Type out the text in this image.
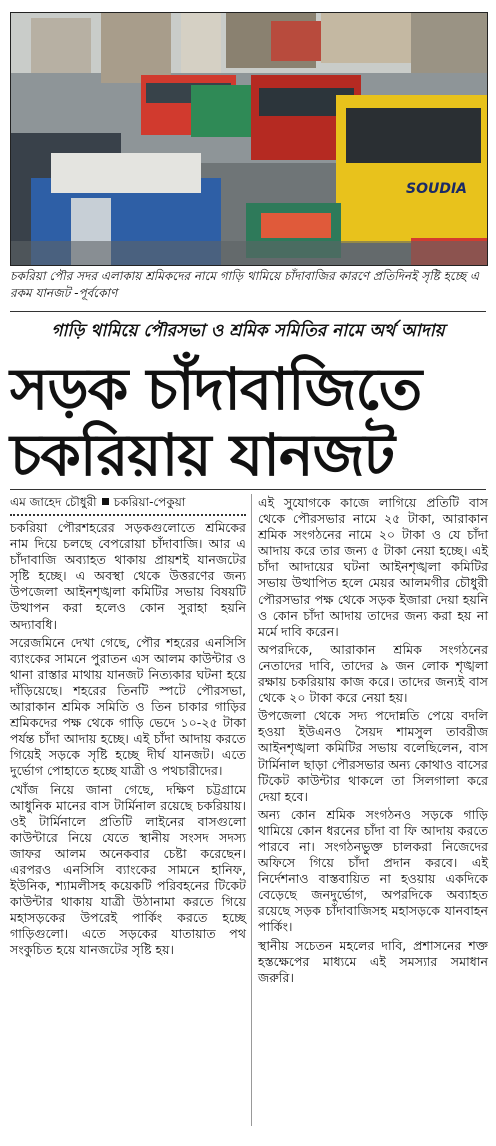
SOUDIA
চকরিয়া পৌর সদর এলাকায় শ্রমিকদের নামে গাড়ি থামিয়ে চাঁদাবাজির কারণে প্রতিদিনই সৃষ্টি হচ্ছে এ রকম যানজট -পূর্বকোণ
গাড়ি থামিয়ে পৌরসভা ও শ্রমিক সমিতির নামে অর্থ আদায়
সড়ক চাঁদাবাজিতে
চকরিয়ায় যানজট
এম জাহেদ চৌধুরী চকরিয়া-পেকুয়া

চকরিয়া পৌরশহরের সড়কগুলোতে শ্রমিকের নাম দিয়ে চলছে বেপরোয়া চাঁদাবাজি। আর এ চাঁদাবাজি অব্যাহত থাকায় প্রায়শই যানজটের সৃষ্টি হচ্ছে। এ অবস্থা থেকে উত্তরণের জন্য উপজেলা আইনশৃঙ্খলা কমিটির সভায় বিষয়টি উত্থাপন করা হলেও কোন সুরাহা হয়নি অদ্যাবধি।

সরেজমিনে দেখা গেছে, পৌর শহরের এনসিসি ব্যাংকের সামনে পুরাতন এস আলম কাউন্টার ও থানা রাস্তার মাথায় যানজট নিত্যকার ঘটনা হয়ে দাঁড়িয়েছে। শহরের তিনটি স্পটে পৌরসভা, আরাকান শ্রমিক সমিতি ও তিন চাকার গাড়ির শ্রমিকদের পক্ষ থেকে গাড়ি ভেদে ১০-২৫ টাকা পর্যন্ত চাঁদা আদায় হচ্ছে। এই চাঁদা আদায় করতে গিয়েই সড়কে সৃষ্টি হচ্ছে দীর্ঘ যানজট। এতে দুর্ভোগ পোহাতে হচ্ছে যাত্রী ও পথচারীদের।

খোঁজ নিয়ে জানা গেছে, দক্ষিণ চট্টগ্রামে আধুনিক মানের বাস টার্মিনাল রয়েছে চকরিয়ায়। ওই টার্মিনালে প্রতিটি লাইনের বাসগুলো কাউন্টারে নিয়ে যেতে স্থানীয় সংসদ সদস্য জাফর আলম অনেকবার চেষ্টা করেছেন। এরপরও এনসিসি ব্যাংকের সামনে হানিফ, ইউনিক, শ্যামলীসহ কয়েকটি পরিবহনের টিকেট কাউন্টার থাকায় যাত্রী উঠানামা করতে গিয়ে মহাসড়কের উপরেই পার্কিং করতে হচ্ছে গাড়িগুলো। এতে সড়কের যাতায়াত পথ সংকুচিত হয়ে যানজটের সৃষ্টি হয়।

এই সুযোগকে কাজে লাগিয়ে প্রতিটি বাস থেকে পৌরসভার নামে ২৫ টাকা, আরাকান শ্রমিক সংগঠনের নামে ২০ টাকা ও যে চাঁদা আদায় করে তার জন্য ৫ টাকা নেয়া হচ্ছে। এই চাঁদা আদায়ের ঘটনা আইনশৃঙ্খলা কমিটির সভায় উত্থাপিত হলে মেয়র আলমগীর চৌধুরী পৌরসভার পক্ষ থেকে সড়ক ইজারা দেয়া হয়নি ও কোন চাঁদা আদায় তাদের জন্য করা হয় না মর্মে দাবি করেন।

অপরদিকে, আরাকান শ্রমিক সংগঠনের নেতাদের দাবি, তাদের ৯ জন লোক শৃঙ্খলা রক্ষায় চকরিয়ায় কাজ করে। তাদের জন্যই বাস থেকে ২০ টাকা করে নেয়া হয়।

উপজেলা থেকে সদ্য পদোন্নতি পেয়ে বদলি হওয়া ইউএনও সৈয়দ শামসুল তাবরীজ আইনশৃঙ্খলা কমিটির সভায় বলেছিলেন, বাস টার্মিনাল ছাড়া পৌরসভার অন্য কোথাও বাসের টিকেট কাউন্টার থাকলে তা সিলগালা করে দেয়া হবে।

অন্য কোন শ্রমিক সংগঠনও সড়কে গাড়ি থামিয়ে কোন ধরনের চাঁদা বা ফি আদায় করতে পারবে না। সংগঠনভুক্ত চালকরা নিজেদের অফিসে গিয়ে চাঁদা প্রদান করবে। এই নির্দেশনাও বাস্তবায়িত না হওয়ায় একদিকে বেড়েছে জনদুর্ভোগ, অপরদিকে অব্যাহত রয়েছে সড়ক চাঁদাবাজিসহ মহাসড়কে যানবাহন পার্কিং।

স্থানীয় সচেতন মহলের দাবি, প্রশাসনের শক্ত হস্তক্ষেপের মাধ্যমে এই সমস্যার সমাধান জরুরি।
